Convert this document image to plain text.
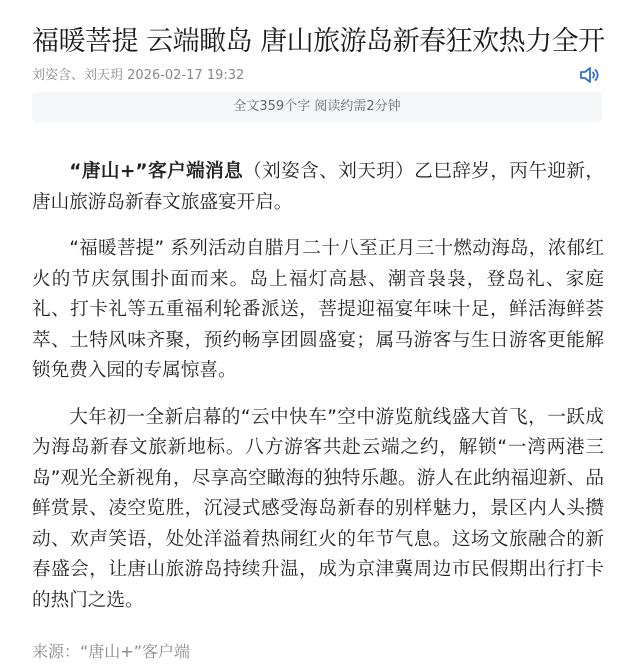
福暖菩提 云端瞰岛 唐山旅游岛新春狂欢热力全开
刘姿含、刘天玥 2026-02-17 19:32
全文359个字 阅读约需2分钟

“唐山+”客户端消息（刘姿含、刘天玥）乙巳辞岁，丙午迎新，唐山旅游岛新春文旅盛宴开启。

“福暖菩提” 系列活动自腊月二十八至正月三十燃动海岛，浓郁红火的节庆氛围扑面而来。岛上福灯高悬、潮音袅袅，登岛礼、家庭礼、打卡礼等五重福利轮番派送，菩提迎福宴年味十足，鲜活海鲜荟萃、土特风味齐聚，预约畅享团圆盛宴；属马游客与生日游客更能解锁免费入园的专属惊喜。

大年初一全新启幕的“云中快车”空中游览航线盛大首飞，一跃成为海岛新春文旅新地标。八方游客共赴云端之约，解锁“一湾两港三岛”观光全新视角，尽享高空瞰海的独特乐趣。游人在此纳福迎新、品鲜赏景、凌空览胜，沉浸式感受海岛新春的别样魅力，景区内人头攒动、欢声笑语，处处洋溢着热闹红火的年节气息。这场文旅融合的新春盛会，让唐山旅游岛持续升温，成为京津冀周边市民假期出行打卡的热门之选。

来源：“唐山+”客户端
